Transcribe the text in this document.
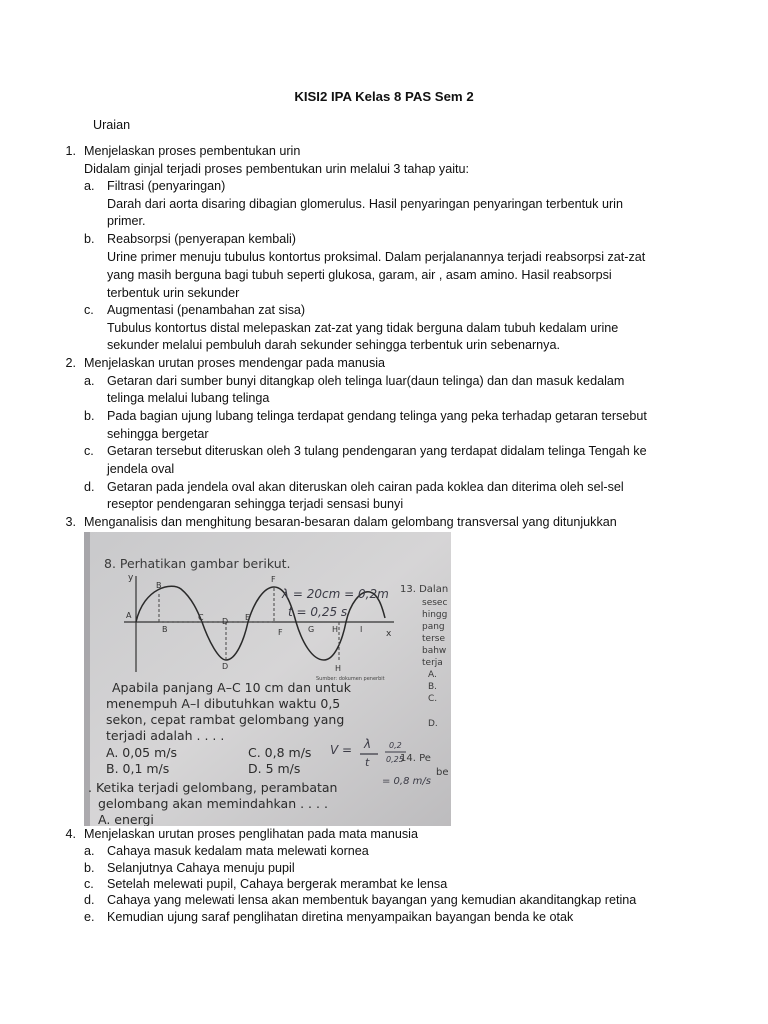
KISI2 IPA Kelas 8 PAS Sem 2
Uraian
1. Menjelaskan proses pembentukan urin
Didalam ginjal terjadi proses pembentukan urin melalui 3 tahap yaitu:
a. Filtrasi (penyaringan)
Darah dari aorta disaring dibagian glomerulus. Hasil penyaringan penyaringan terbentuk urin
primer.
b. Reabsorpsi (penyerapan kembali)
Urine primer menuju tubulus kontortus proksimal. Dalam perjalanannya terjadi reabsorpsi zat-zat
yang masih berguna bagi tubuh seperti glukosa, garam, air , asam amino. Hasil reabsorpsi
terbentuk urin sekunder
c. Augmentasi (penambahan zat sisa)
Tubulus kontortus distal melepaskan zat-zat yang tidak berguna dalam tubuh kedalam urine
sekunder melalui pembuluh darah sekunder sehingga terbentuk urin sebenarnya.
2. Menjelaskan urutan proses mendengar pada manusia
a. Getaran dari sumber bunyi ditangkap oleh telinga luar(daun telinga) dan dan masuk kedalam
telinga melalui lubang telinga
b. Pada bagian ujung lubang telinga terdapat gendang telinga yang peka terhadap getaran tersebut
sehingga bergetar
c. Getaran tersebut diteruskan oleh 3 tulang pendengaran yang terdapat didalam telinga Tengah ke
jendela oval
d. Getaran pada jendela oval akan diteruskan oleh cairan pada koklea dan diterima oleh sel-sel
reseptor pendengaran sehingga terjadi sensasi bunyi
3. Menganalisis dan menghitung besaran-besaran dalam gelombang transversal yang ditunjukkan
8. Perhatikan gambar berikut.
y
x
A
B
B
C D
D
E
F
F	G H
H
I
Sumber: dokumen penerbit
λ = 20cm = 0,2m
t = 0,25 s
V = λ
t
0,2
0,25
= 0,8 m/s
Apabila panjang A–C 10 cm dan untuk
menempuh A–I dibutuhkan waktu 0,5
sekon, cepat rambat gelombang yang
terjadi adalah . . . .
A. 0,05 m/s
B. 0,1 m/s
C. 0,8 m/s
D. 5 m/s
. Ketika terjadi gelombang, perambatan
gelombang akan memindahkan . . . .
A. energi
13. Dalan
sesec
hingg
pang
terse
bahw
terja
A.
B.
C.
D.
14. Pe
be
4. Menjelaskan urutan proses penglihatan pada mata manusia
a. Cahaya masuk kedalam mata melewati kornea
b. Selanjutnya Cahaya menuju pupil
c. Setelah melewati pupil, Cahaya bergerak merambat ke lensa
d. Cahaya yang melewati lensa akan membentuk bayangan yang kemudian akanditangkap retina
e. Kemudian ujung saraf penglihatan diretina menyampaikan bayangan benda ke otak
